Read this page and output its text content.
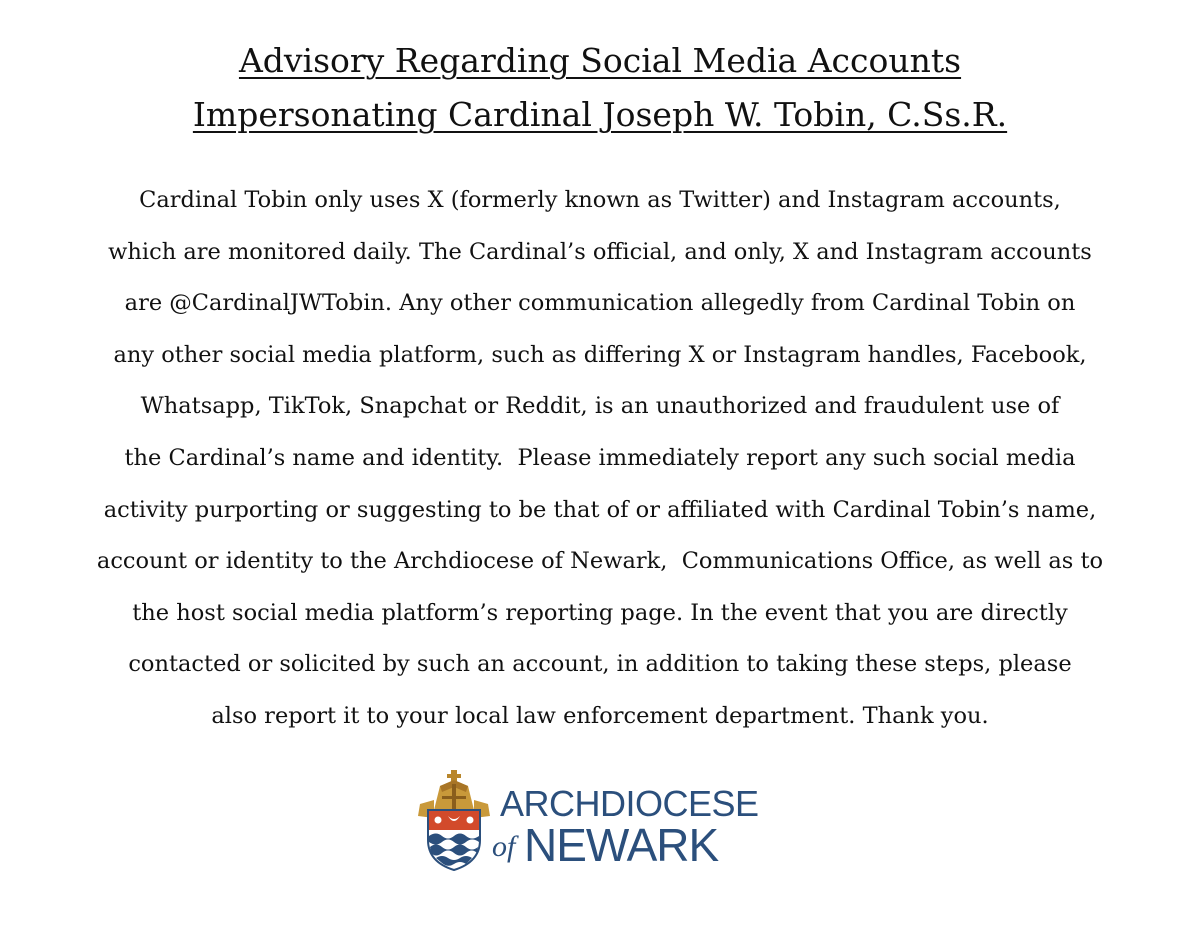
Advisory Regarding Social Media Accounts
Impersonating Cardinal Joseph W. Tobin, C.Ss.R.
Cardinal Tobin only uses X (formerly known as Twitter) and Instagram accounts,
which are monitored daily. The Cardinal’s official, and only, X and Instagram accounts
are @CardinalJWTobin. Any other communication allegedly from Cardinal Tobin on
any other social media platform, such as differing X or Instagram handles, Facebook,
Whatsapp, TikTok, Snapchat or Reddit, is an unauthorized and fraudulent use of
the Cardinal’s name and identity.  Please immediately report any such social media
activity purporting or suggesting to be that of or affiliated with Cardinal Tobin’s name,
account or identity to the Archdiocese of Newark,  Communications Office, as well as to
the host social media platform’s reporting page. In the event that you are directly
contacted or solicited by such an account, in addition to taking these steps, please
also report it to your local law enforcement department. Thank you.
ARCHDIOCESE
of NEWARK
